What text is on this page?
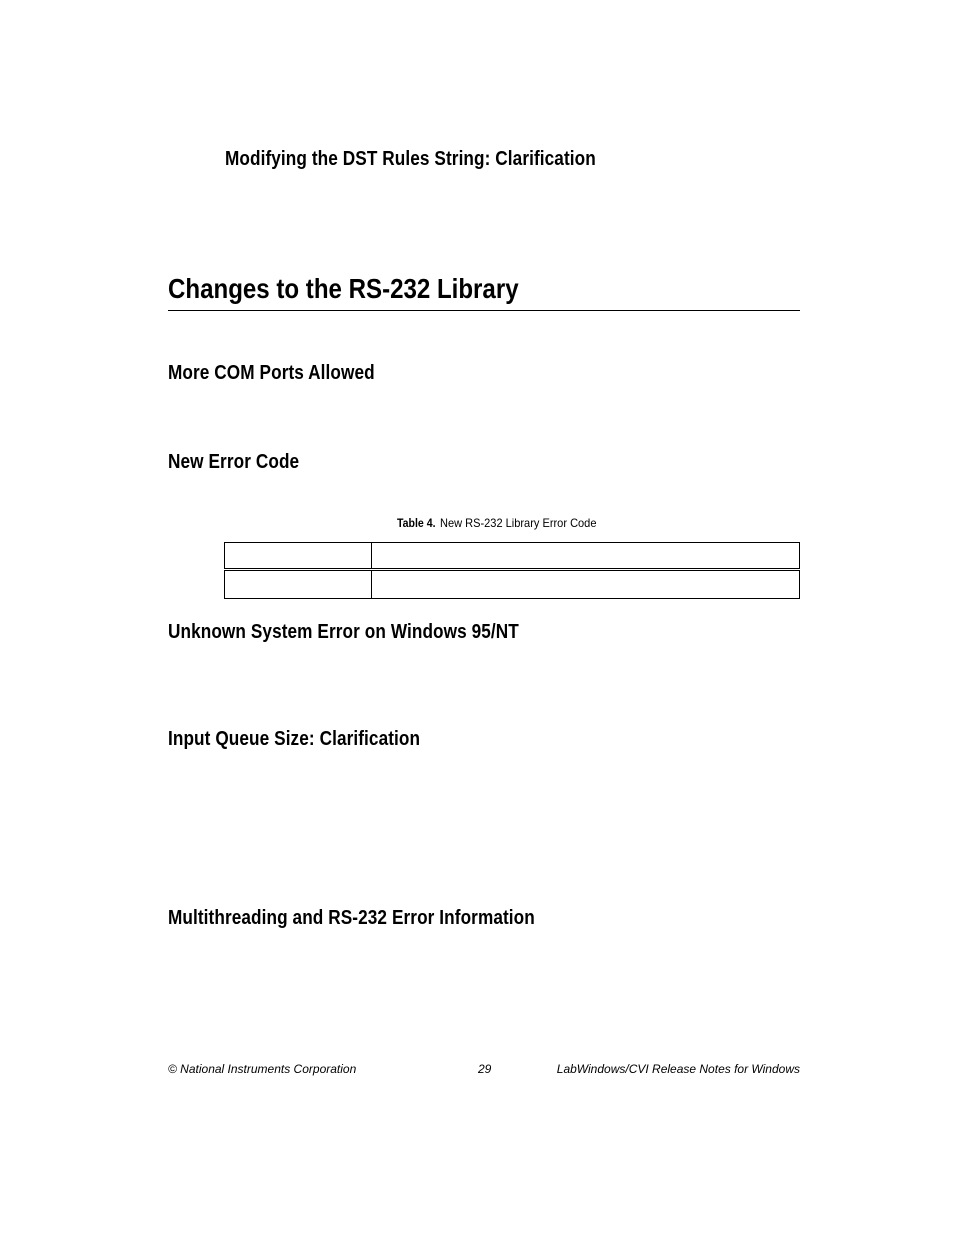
Modifying the DST Rules String: Clarification
Changes to the RS-232 Library
More COM Ports Allowed
New Error Code
Table 4. New RS-232 Library Error Code

Unknown System Error on Windows 95/NT
Input Queue Size: Clarification
Multithreading and RS-232 Error Information
© National Instruments Corporation	29	LabWindows/CVI Release Notes for Windows
